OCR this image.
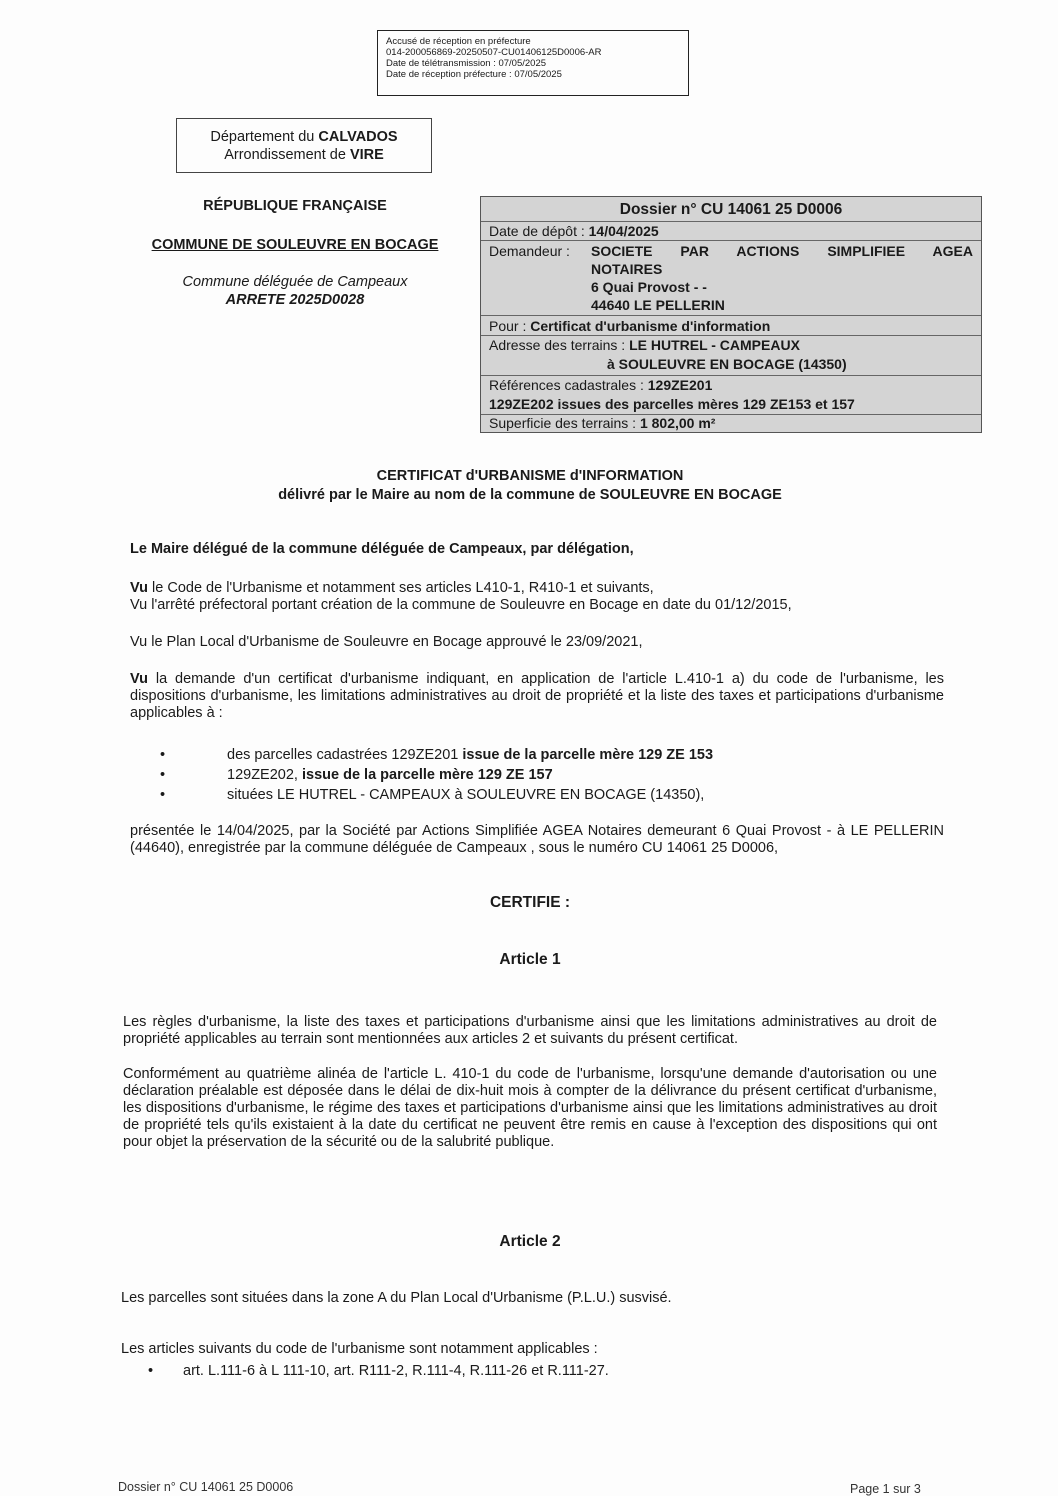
Accusé de réception en préfecture
014-200056869-20250507-CU01406125D0006-AR
Date de télétransmission : 07/05/2025
Date de réception préfecture : 07/05/2025
Département du CALVADOS
Arrondissement de VIRE
RÉPUBLIQUE FRANÇAISE
COMMUNE DE SOULEUVRE EN BOCAGE
Commune déléguée de Campeaux
ARRETE 2025D0028
Dossier n° CU 14061 25 D0006
Date de dépôt : 14/04/2025
Demandeur :	SOCIETE PAR ACTIONS SIMPLIFIEE AGEA
NOTAIRES
6 Quai Provost - -
44640 LE PELLERIN
Pour : Certificat d'urbanisme d'information
Adresse des terrains : LE HUTREL - CAMPEAUX
à SOULEUVRE EN BOCAGE (14350)
Références cadastrales : 129ZE201
129ZE202 issues des parcelles mères 129 ZE153 et 157
Superficie des terrains : 1 802,00 m²
CERTIFICAT d'URBANISME d'INFORMATION
délivré par le Maire au nom de la commune de SOULEUVRE EN BOCAGE
Le Maire délégué de la commune déléguée de Campeaux, par délégation,
Vu le Code de l'Urbanisme et notamment ses articles L410-1, R410-1 et suivants,
Vu l'arrêté préfectoral portant création de la commune de Souleuvre en Bocage en date du 01/12/2015,
Vu le Plan Local d'Urbanisme de Souleuvre en Bocage approuvé le 23/09/2021,
Vu la demande d'un certificat d'urbanisme indiquant, en application de l'article L.410-1 a) du code de l'urbanisme, les dispositions d'urbanisme, les limitations administratives au droit de propriété et la liste des taxes et participations d'urbanisme applicables à :
• des parcelles cadastrées 129ZE201 issue de la parcelle mère 129 ZE 153
• 129ZE202, issue de la parcelle mère 129 ZE 157
• situées LE HUTREL - CAMPEAUX à SOULEUVRE EN BOCAGE (14350),
présentée le 14/04/2025, par la Société par Actions Simplifiée AGEA Notaires demeurant 6 Quai Provost - à LE PELLERIN (44640), enregistrée par la commune déléguée de Campeaux , sous le numéro CU 14061 25 D0006,
CERTIFIE :
Article 1
Les règles d'urbanisme, la liste des taxes et participations d'urbanisme ainsi que les limitations administratives au droit de propriété applicables au terrain sont mentionnées aux articles 2 et suivants du présent certificat.
Conformément au quatrième alinéa de l'article L. 410-1 du code de l'urbanisme, lorsqu'une demande d'autorisation ou une déclaration préalable est déposée dans le délai de dix-huit mois à compter de la délivrance du présent certificat d'urbanisme, les dispositions d'urbanisme, le régime des taxes et participations d'urbanisme ainsi que les limitations administratives au droit de propriété tels qu'ils existaient à la date du certificat ne peuvent être remis en cause à l'exception des dispositions qui ont pour objet la préservation de la sécurité ou de la salubrité publique.
Article 2
Les parcelles sont situées dans la zone A du Plan Local d'Urbanisme (P.L.U.) susvisé.
Les articles suivants du code de l'urbanisme sont notamment applicables :
• art. L.111-6 à L 111-10, art. R111-2, R.111-4, R.111-26 et R.111-27.
Dossier n° CU 14061 25 D0006	Page 1 sur 3
